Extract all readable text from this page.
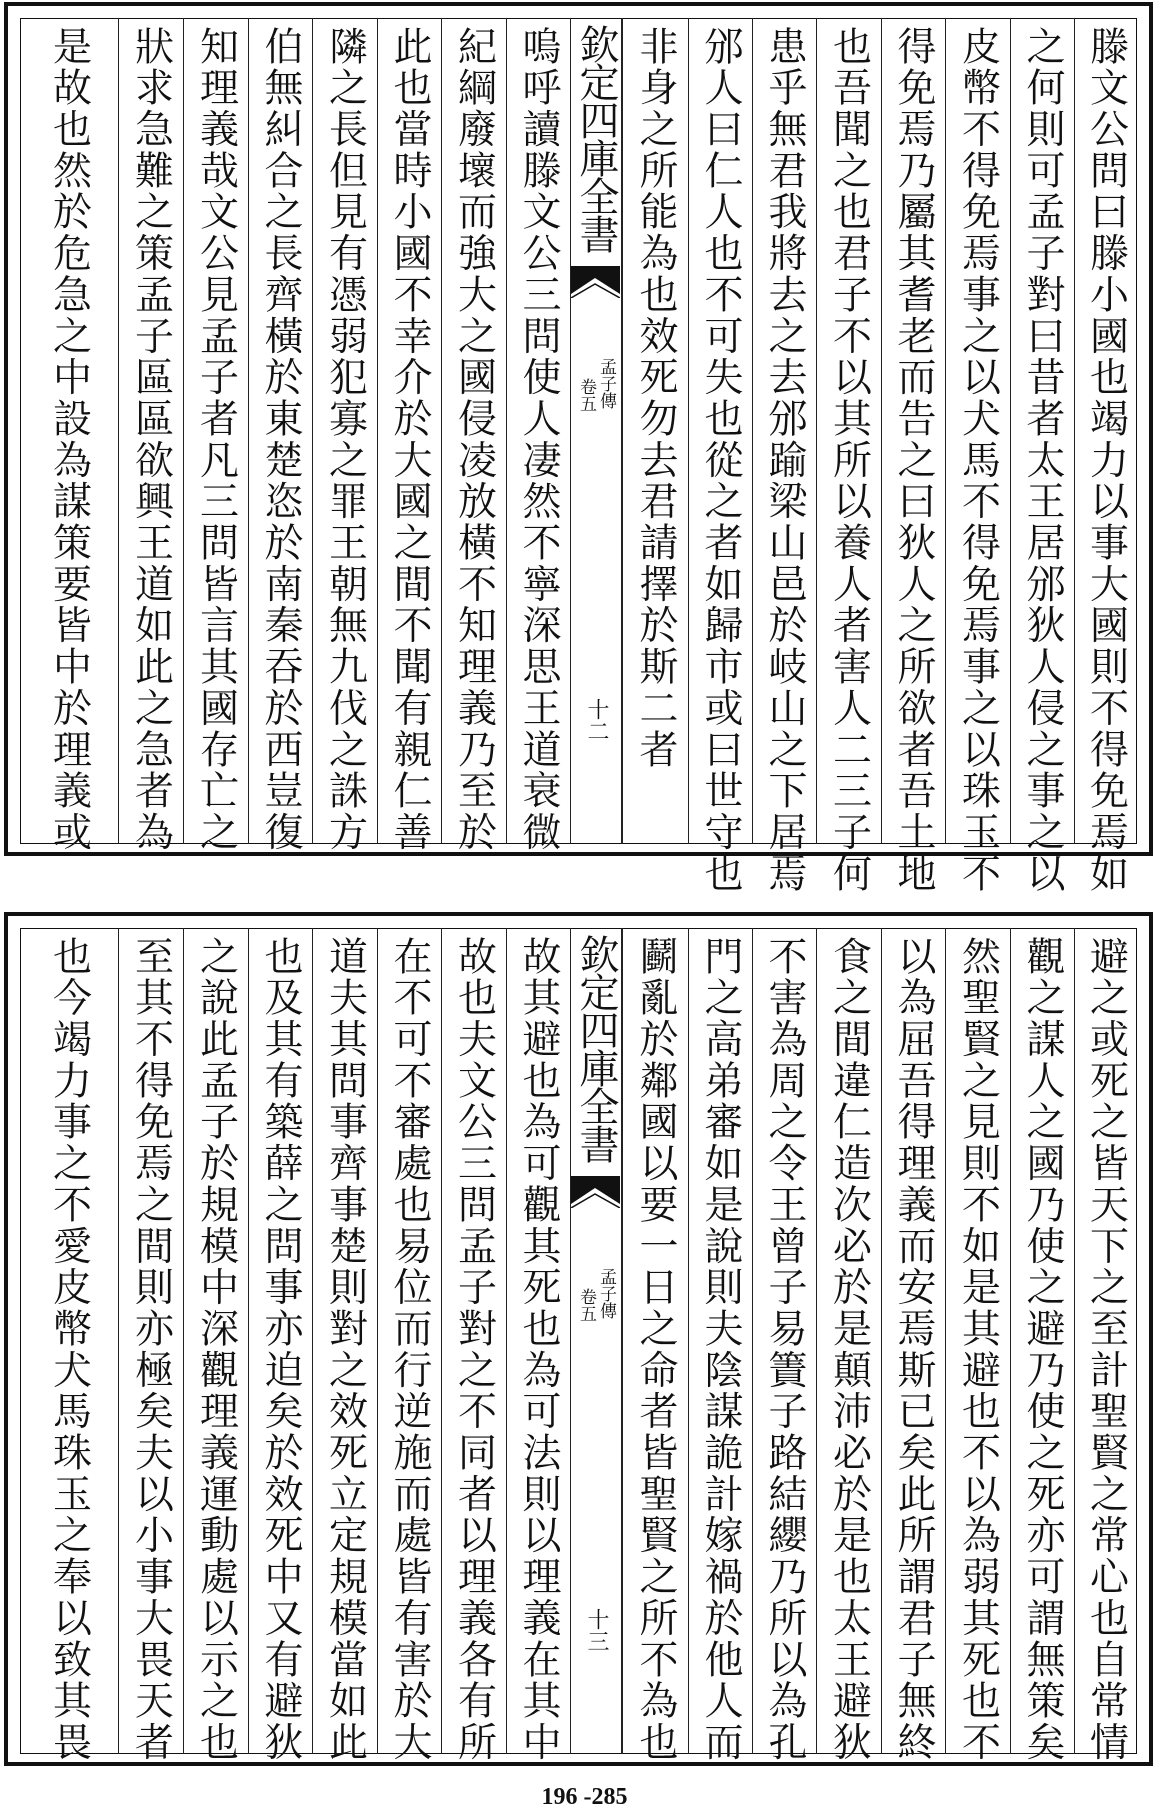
滕文公問曰滕小國也竭力以事大國則不得免焉如
之何則可孟子對曰昔者太王居邠狄人侵之事之以
皮幣不得免焉事之以犬馬不得免焉事之以珠玉不
得免焉乃屬其耆老而告之曰狄人之所欲者吾土地
也吾聞之也君子不以其所以養人者害人二三子何
患乎無君我將去之去邠踰梁山邑於岐山之下居焉
邠人曰仁人也不可失也從之者如歸市或曰世守也
非身之所能為也效死勿去君請擇於斯二者
欽定四庫全書
孟子傳
卷五
十二
嗚呼讀滕文公三問使人凄然不寧深思王道衰微
紀綱廢壞而強大之國侵凌放橫不知理義乃至於
此也當時小國不幸介於大國之間不聞有親仁善
隣之長但見有憑弱犯寡之罪王朝無九伐之誅方
伯無糾合之長齊橫於東楚恣於南秦吞於西豈復
知理義哉文公見孟子者凡三問皆言其國存亡之
狀求急難之策孟子區區欲興王道如此之急者為
是故也然於危急之中設為謀策要皆中於理義或
避之或死之皆天下之至計聖賢之常心也自常情
觀之謀人之國乃使之避乃使之死亦可謂無策矣
然聖賢之見則不如是其避也不以為弱其死也不
以為屈吾得理義而安焉斯已矣此所謂君子無終
食之間違仁造次必於是顛沛必於是也太王避狄
不害為周之令王曾子易簀子路結纓乃所以為孔
門之高弟審如是說則夫陰謀詭計嫁禍於他人而
鬬亂於鄰國以要一日之命者皆聖賢之所不為也
欽定四庫全書
孟子傳
卷五
十三
故其避也為可觀其死也為可法則以理義在其中
故也夫文公三問孟子對之不同者以理義各有所
在不可不審處也易位而行逆施而處皆有害於大
道夫其問事齊事楚則對之效死立定規模當如此
也及其有築薛之問事亦迫矣於效死中又有避狄
之說此孟子於規模中深觀理義運動處以示之也
至其不得免焉之間則亦極矣夫以小事大畏天者
也今竭力事之不愛皮幣犬馬珠玉之奉以致其畏
196 -285
